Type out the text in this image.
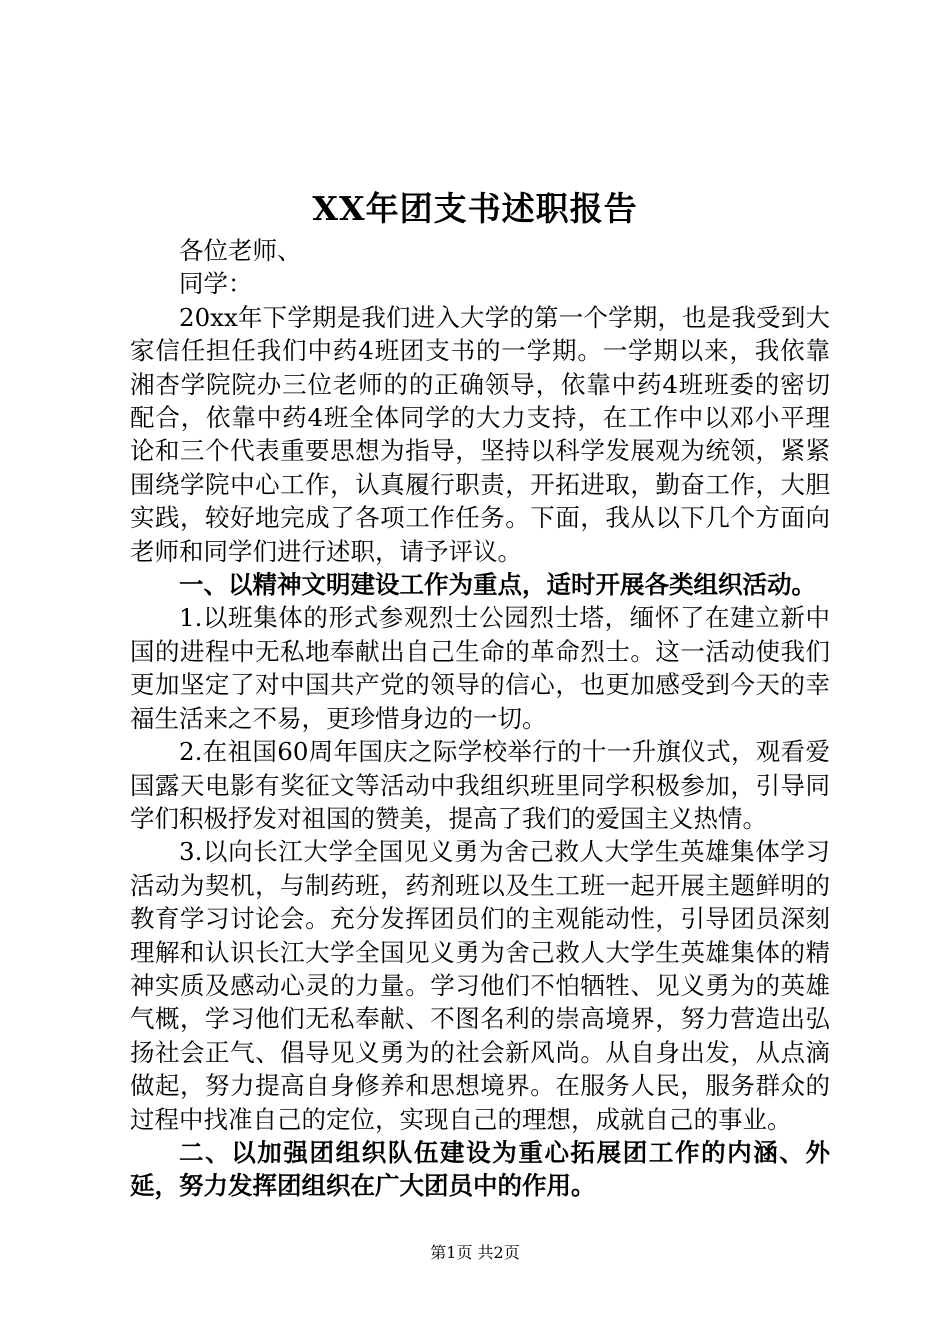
XX年团支书述职报告

各位老师、

同学：

20xx年下学期是我们进入大学的第一个学期，也是我受到大家信任担任我们中药4班团支书的一学期。一学期以来，我依靠湘杏学院院办三位老师的的正确领导，依靠中药4班班委的密切配合，依靠中药4班全体同学的大力支持，在工作中以邓小平理论和三个代表重要思想为指导，坚持以科学发展观为统领，紧紧围绕学院中心工作，认真履行职责，开拓进取，勤奋工作，大胆实践，较好地完成了各项工作任务。下面，我从以下几个方面向老师和同学们进行述职，请予评议。

一、以精神文明建设工作为重点，适时开展各类组织活动。

1.以班集体的形式参观烈士公园烈士塔，缅怀了在建立新中国的进程中无私地奉献出自己生命的革命烈士。这一活动使我们更加坚定了对中国共产党的领导的信心，也更加感受到今天的幸福生活来之不易，更珍惜身边的一切。

2.在祖国60周年国庆之际学校举行的十一升旗仪式，观看爱国露天电影有奖征文等活动中我组织班里同学积极参加，引导同学们积极抒发对祖国的赞美，提高了我们的爱国主义热情。

3.以向长江大学全国见义勇为舍己救人大学生英雄集体学习活动为契机，与制药班，药剂班以及生工班一起开展主题鲜明的教育学习讨论会。充分发挥团员们的主观能动性，引导团员深刻理解和认识长江大学全国见义勇为舍己救人大学生英雄集体的精神实质及感动心灵的力量。学习他们不怕牺牲、见义勇为的英雄气概，学习他们无私奉献、不图名利的崇高境界，努力营造出弘扬社会正气、倡导见义勇为的社会新风尚。从自身出发，从点滴做起，努力提高自身修养和思想境界。在服务人民，服务群众的过程中找准自己的定位，实现自己的理想，成就自己的事业。

二、以加强团组织队伍建设为重心拓展团工作的内涵、外延，努力发挥团组织在广大团员中的作用。

第1页 共2页
